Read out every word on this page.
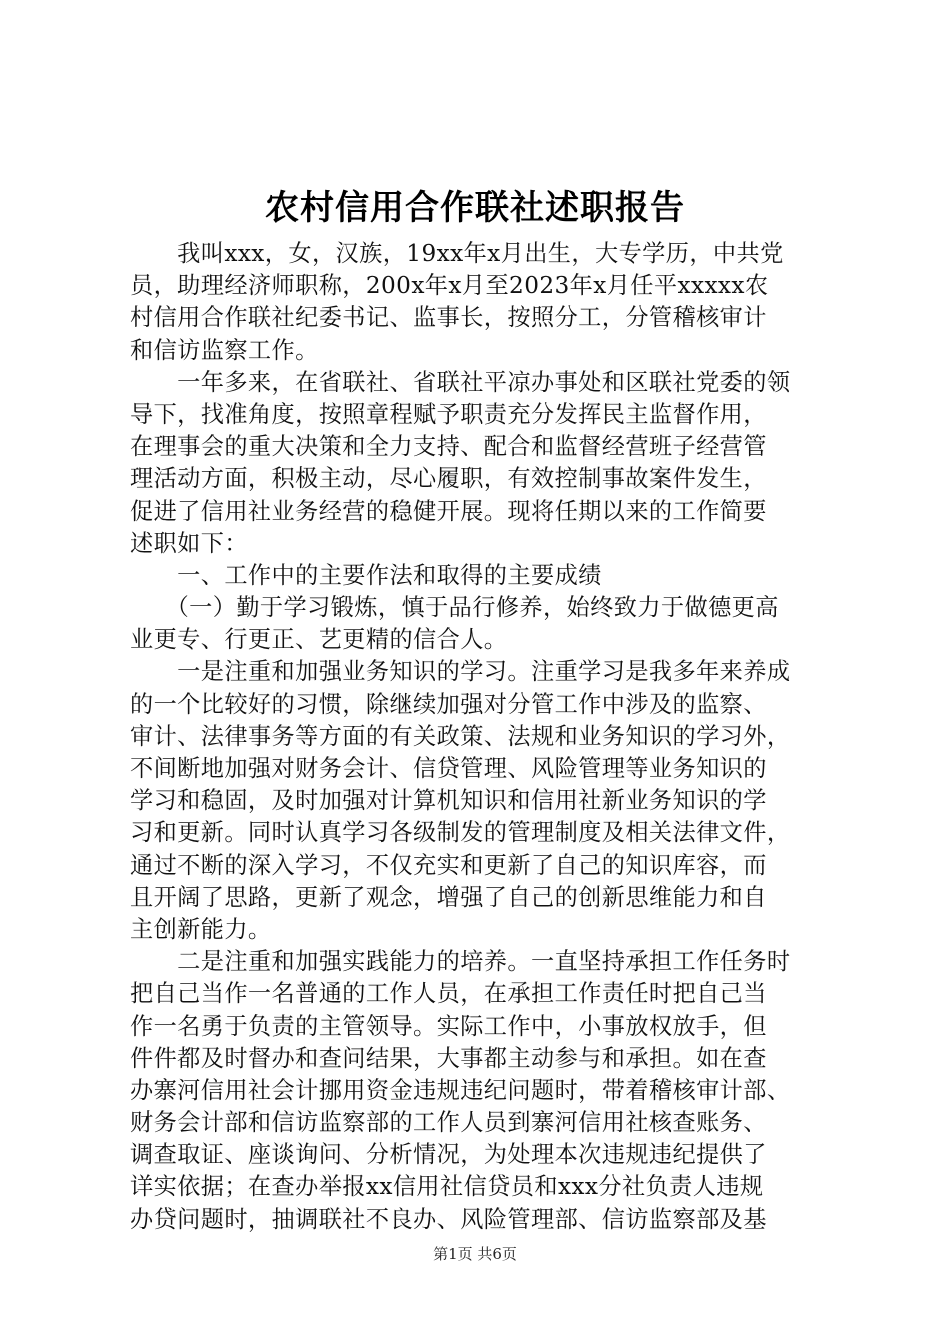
农村信用合作联社述职报告
　　我叫xxx，女，汉族，19xx年x月出生，大专学历，中共党
员，助理经济师职称，200x年x月至2023年x月任平xxxxx农
村信用合作联社纪委书记、监事长，按照分工，分管稽核审计
和信访监察工作。
　　一年多来，在省联社、省联社平凉办事处和区联社党委的领
导下，找准角度，按照章程赋予职责充分发挥民主监督作用，
在理事会的重大决策和全力支持、配合和监督经营班子经营管
理活动方面，积极主动，尽心履职，有效控制事故案件发生，
促进了信用社业务经营的稳健开展。现将任期以来的工作简要
述职如下：
　　一、工作中的主要作法和取得的主要成绩
　　（一）勤于学习锻炼，慎于品行修养，始终致力于做德更高
业更专、行更正、艺更精的信合人。
　　一是注重和加强业务知识的学习。注重学习是我多年来养成
的一个比较好的习惯，除继续加强对分管工作中涉及的监察、
审计、法律事务等方面的有关政策、法规和业务知识的学习外，
不间断地加强对财务会计、信贷管理、风险管理等业务知识的
学习和稳固，及时加强对计算机知识和信用社新业务知识的学
习和更新。同时认真学习各级制发的管理制度及相关法律文件，
通过不断的深入学习，不仅充实和更新了自己的知识库容，而
且开阔了思路，更新了观念，增强了自己的创新思维能力和自
主创新能力。
　　二是注重和加强实践能力的培养。一直坚持承担工作任务时
把自己当作一名普通的工作人员，在承担工作责任时把自己当
作一名勇于负责的主管领导。实际工作中，小事放权放手，但
件件都及时督办和查问结果，大事都主动参与和承担。如在查
办寨河信用社会计挪用资金违规违纪问题时，带着稽核审计部、
财务会计部和信访监察部的工作人员到寨河信用社核查账务、
调查取证、座谈询问、分析情况，为处理本次违规违纪提供了
详实依据；在查办举报xx信用社信贷员和xxx分社负责人违规
办贷问题时，抽调联社不良办、风险管理部、信访监察部及基
第1页 共6页
